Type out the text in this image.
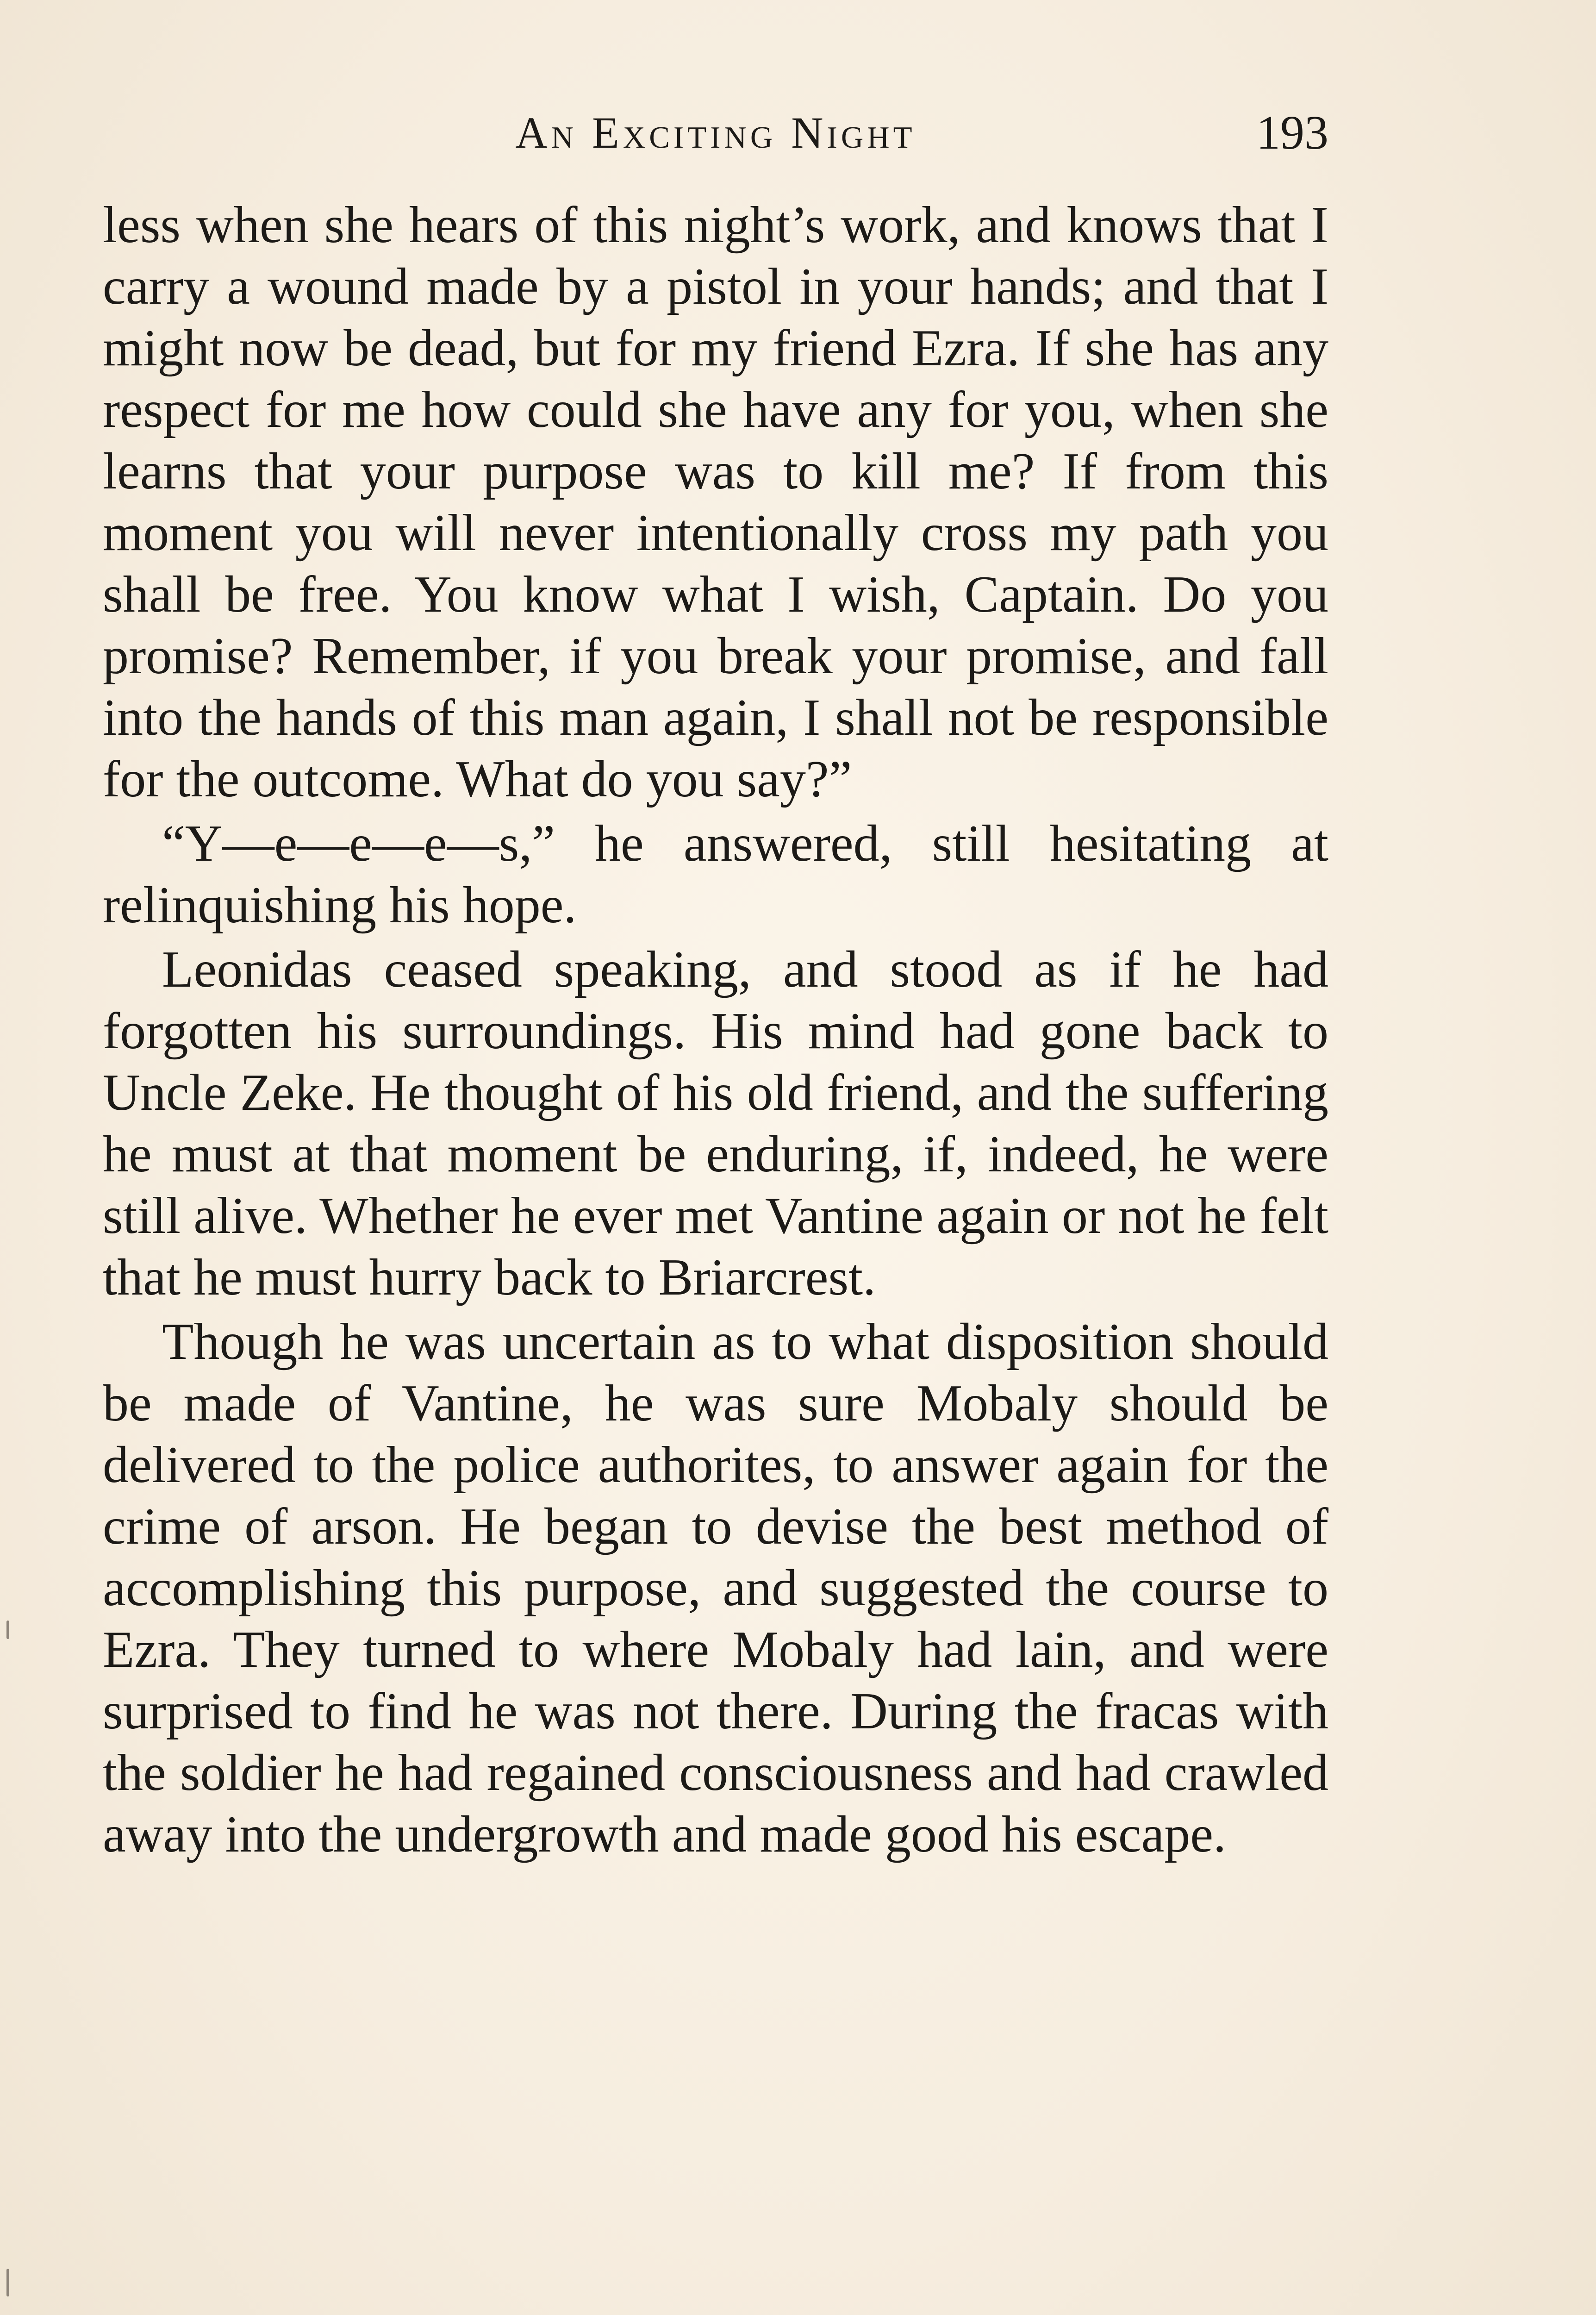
An Exciting Night	193

less when she hears of this night’s work, and knows that I carry a wound made by a pistol in your hands; and that I might now be dead, but for my friend Ezra. If she has any respect for me how could she have any for you, when she learns that your purpose was to kill me? If from this moment you will never intentionally cross my path you shall be free. You know what I wish, Captain. Do you promise? Remember, if you break your promise, and fall into the hands of this man again, I shall not be responsible for the outcome. What do you say?”

“Y—e—e—e—s,” he answered, still hesitating at relinquishing his hope.

Leonidas ceased speaking, and stood as if he had forgotten his surroundings. His mind had gone back to Uncle Zeke. He thought of his old friend, and the suffering he must at that moment be enduring, if, indeed, he were still alive. Whether he ever met Vantine again or not he felt that he must hurry back to Briarcrest.

Though he was uncertain as to what disposition should be made of Vantine, he was sure Mobaly should be delivered to the police authorites, to answer again for the crime of arson. He began to devise the best method of accomplishing this purpose, and suggested the course to Ezra. They turned to where Mobaly had lain, and were surprised to find he was not there. During the fracas with the soldier he had regained consciousness and had crawled away into the undergrowth and made good his escape.
